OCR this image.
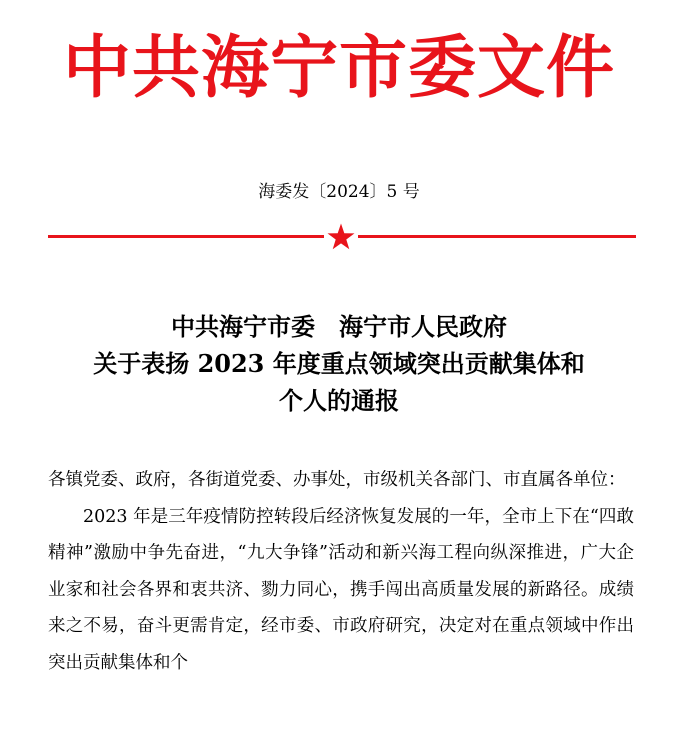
中共海宁市委文件
海委发〔2024〕5 号
中共海宁市委　海宁市人民政府
关于表扬 2023 年度重点领域突出贡献集体和
个人的通报

各镇党委、政府，各街道党委、办事处，市级机关各部门、市直属各单位：

2023 年是三年疫情防控转段后经济恢复发展的一年，全市上下在“四敢精神”激励中争先奋进，“九大争锋”活动和新兴海工程向纵深推进，广大企业家和社会各界和衷共济、勠力同心，携手闯出高质量发展的新路径。成绩来之不易，奋斗更需肯定，经市委、市政府研究，决定对在重点领域中作出突出贡献集体和个
